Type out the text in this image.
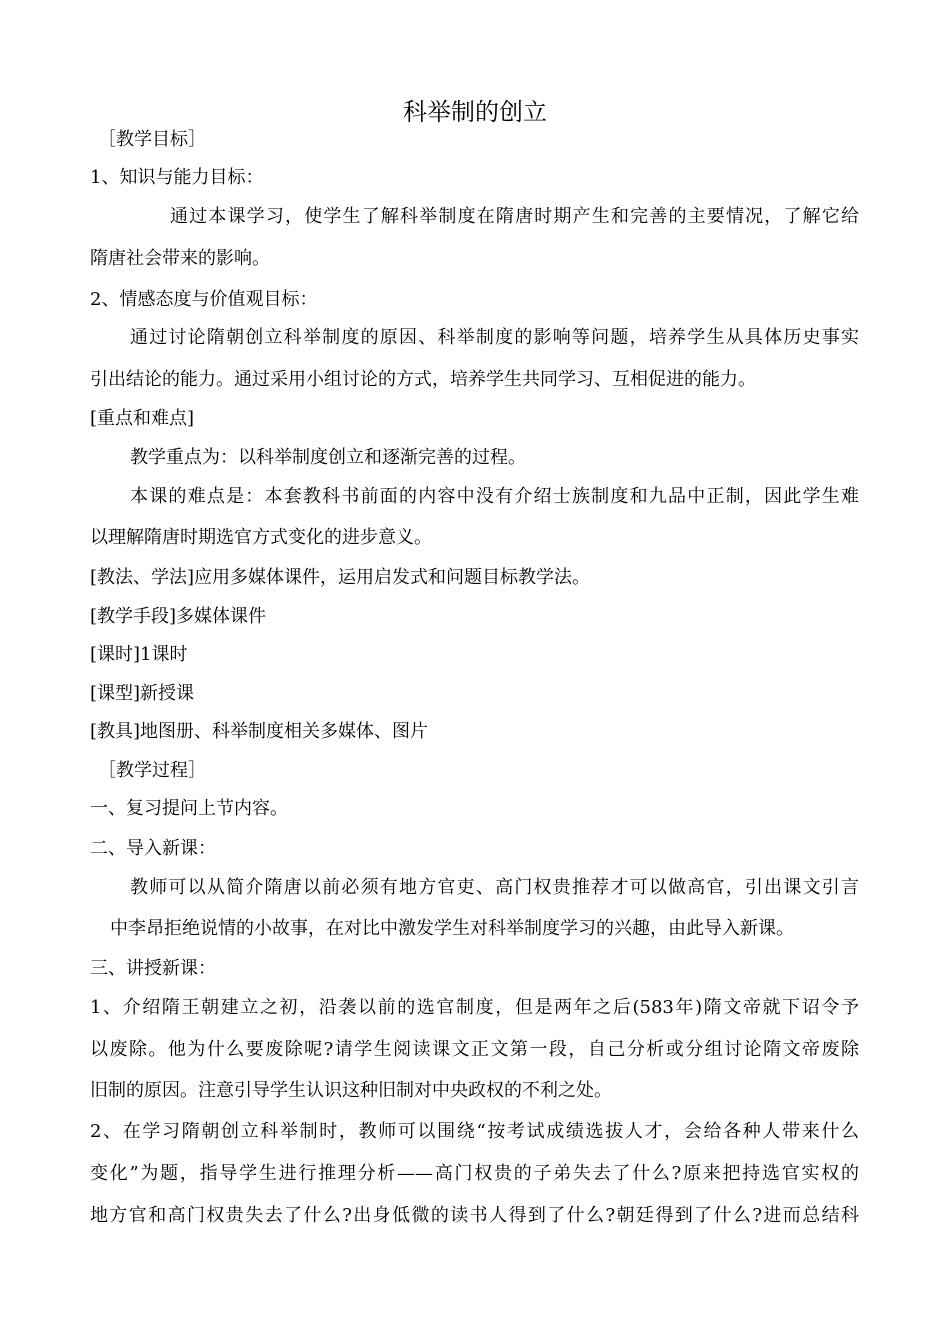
科举制的创立
［教学目标］
1、知识与能力目标：
通过本课学习，使学生了解科举制度在隋唐时期产生和完善的主要情况，了解它给
隋唐社会带来的影响。
2、情感态度与价值观目标：
通过讨论隋朝创立科举制度的原因、科举制度的影响等问题，培养学生从具体历史事实
引出结论的能力。通过采用小组讨论的方式，培养学生共同学习、互相促进的能力。
[重点和难点]
教学重点为：以科举制度创立和逐渐完善的过程。
本课的难点是：本套教科书前面的内容中没有介绍士族制度和九品中正制，因此学生难
以理解隋唐时期选官方式变化的进步意义。
[教法、学法]应用多媒体课件，运用启发式和问题目标教学法。
[教学手段]多媒体课件
[课时]1课时
[课型]新授课
[教具]地图册、科举制度相关多媒体、图片
［教学过程］
一、复习提问上节内容。
二、导入新课：
教师可以从简介隋唐以前必须有地方官吏、高门权贵推荐才可以做高官，引出课文引言
中李昂拒绝说情的小故事，在对比中激发学生对科举制度学习的兴趣，由此导入新课。
三、讲授新课：
1、介绍隋王朝建立之初，沿袭以前的选官制度，但是两年之后(583年)隋文帝就下诏令予
以废除。他为什么要废除呢?请学生阅读课文正文第一段，自己分析或分组讨论隋文帝废除
旧制的原因。注意引导学生认识这种旧制对中央政权的不利之处。
2、在学习隋朝创立科举制时，教师可以围绕“按考试成绩选拔人才，会给各种人带来什么
变化”为题，指导学生进行推理分析——高门权贵的子弟失去了什么?原来把持选官实权的
地方官和高门权贵失去了什么?出身低微的读书人得到了什么?朝廷得到了什么?进而总结科
